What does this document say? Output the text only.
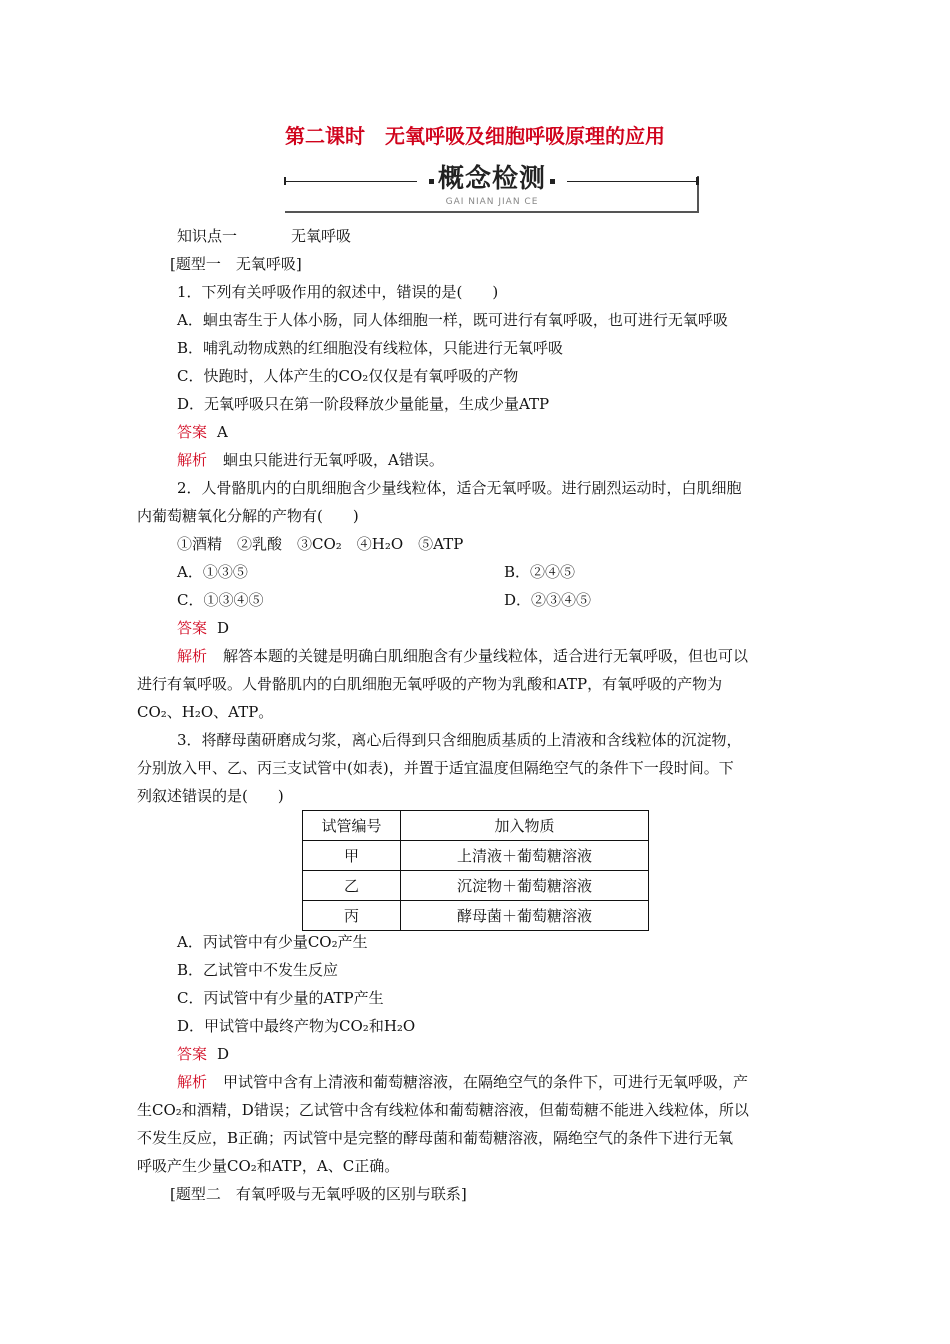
第二课时　无氧呼吸及细胞呼吸原理的应用
概念检测
GAI NIAN JIAN CE
知识点一	无氧呼吸
[题型一　无氧呼吸]
1．下列有关呼吸作用的叙述中，错误的是(　　)
A．蛔虫寄生于人体小肠，同人体细胞一样，既可进行有氧呼吸，也可进行无氧呼吸
B．哺乳动物成熟的红细胞没有线粒体，只能进行无氧呼吸
C．快跑时，人体产生的CO₂仅仅是有氧呼吸的产物
D．无氧呼吸只在第一阶段释放少量能量，生成少量ATP
答案 A
解析 蛔虫只能进行无氧呼吸，A错误。
2．人骨骼肌内的白肌细胞含少量线粒体，适合无氧呼吸。进行剧烈运动时，白肌细胞
内葡萄糖氧化分解的产物有(　　)
①酒精　②乳酸　③CO₂　④H₂O　⑤ATP
A．①③⑤	B．②④⑤
C．①③④⑤	D．②③④⑤
答案 D
解析 解答本题的关键是明确白肌细胞含有少量线粒体，适合进行无氧呼吸，但也可以
进行有氧呼吸。人骨骼肌内的白肌细胞无氧呼吸的产物为乳酸和ATP，有氧呼吸的产物为
CO₂、H₂O、ATP。
3．将酵母菌研磨成匀浆，离心后得到只含细胞质基质的上清液和含线粒体的沉淀物，
分别放入甲、乙、丙三支试管中(如表)，并置于适宜温度但隔绝空气的条件下一段时间。下
列叙述错误的是(　　)
试管编号	加入物质
甲	上清液＋葡萄糖溶液
乙	沉淀物＋葡萄糖溶液
丙	酵母菌＋葡萄糖溶液
A．丙试管中有少量CO₂产生
B．乙试管中不发生反应
C．丙试管中有少量的ATP产生
D．甲试管中最终产物为CO₂和H₂O
答案 D
解析 甲试管中含有上清液和葡萄糖溶液，在隔绝空气的条件下，可进行无氧呼吸，产
生CO₂和酒精，D错误；乙试管中含有线粒体和葡萄糖溶液，但葡萄糖不能进入线粒体，所以
不发生反应，B正确；丙试管中是完整的酵母菌和葡萄糖溶液，隔绝空气的条件下进行无氧
呼吸产生少量CO₂和ATP，A、C正确。
[题型二　有氧呼吸与无氧呼吸的区别与联系]
